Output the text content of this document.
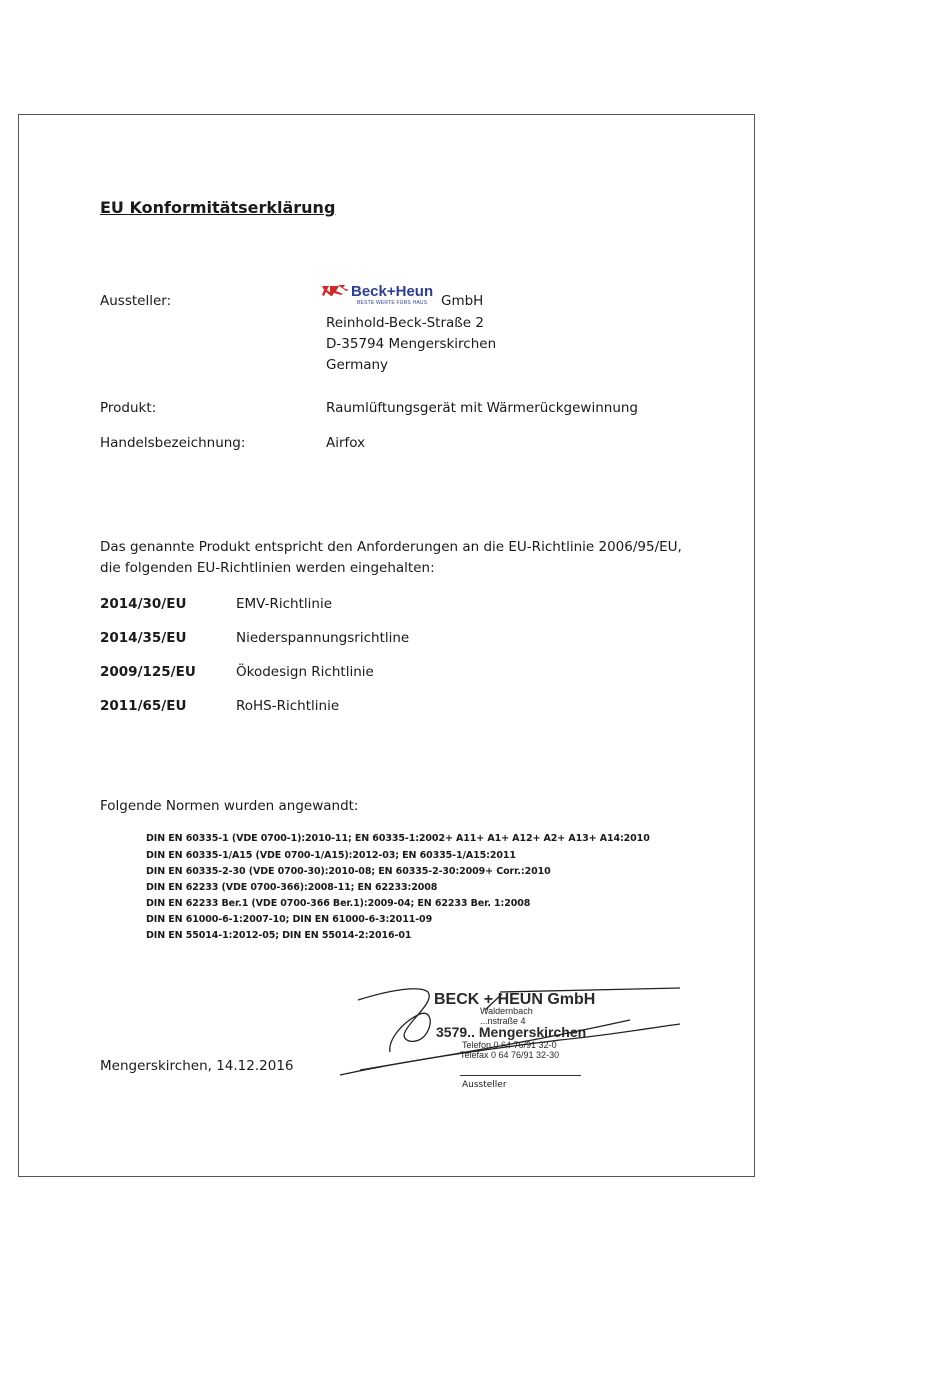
EU Konformitätserklärung
Aussteller:
Beck+Heun
BESTE WERTE FÜRS HAUS GmbH
Reinhold-Beck-Straße 2
D-35794 Mengerskirchen
Germany
Produkt:	Raumlüftungsgerät mit Wärmerückgewinnung
Handelsbezeichnung:	Airfox
Das genannte Produkt entspricht den Anforderungen an die EU-Richtlinie 2006/95/EU, die folgenden EU-Richtlinien werden eingehalten:
2014/30/EU	EMV-Richtlinie
2014/35/EU	Niederspannungsrichtline
2009/125/EU	Ökodesign Richtlinie
2011/65/EU	RoHS-Richtlinie
Folgende Normen wurden angewandt:
DIN EN 60335-1 (VDE 0700-1):2010-11; EN 60335-1:2002+ A11+ A1+ A12+ A2+ A13+ A14:2010
DIN EN 60335-1/A15 (VDE 0700-1/A15):2012-03; EN 60335-1/A15:2011
DIN EN 60335-2-30 (VDE 0700-30):2010-08; EN 60335-2-30:2009+ Corr.:2010
DIN EN 62233 (VDE 0700-366):2008-11; EN 62233:2008
DIN EN 62233 Ber.1 (VDE 0700-366 Ber.1):2009-04; EN 62233 Ber. 1:2008
DIN EN 61000-6-1:2007-10; DIN EN 61000-6-3:2011-09
DIN EN 55014-1:2012-05; DIN EN 55014-2:2016-01
Mengerskirchen, 14.12.2016
BECK + HEUN GmbH
Waldernbach
...nstraße 4
3579.. Mengerskirchen
Telefon 0 64 76/91 32-0
Telefax 0 64 76/91 32-30
Aussteller
